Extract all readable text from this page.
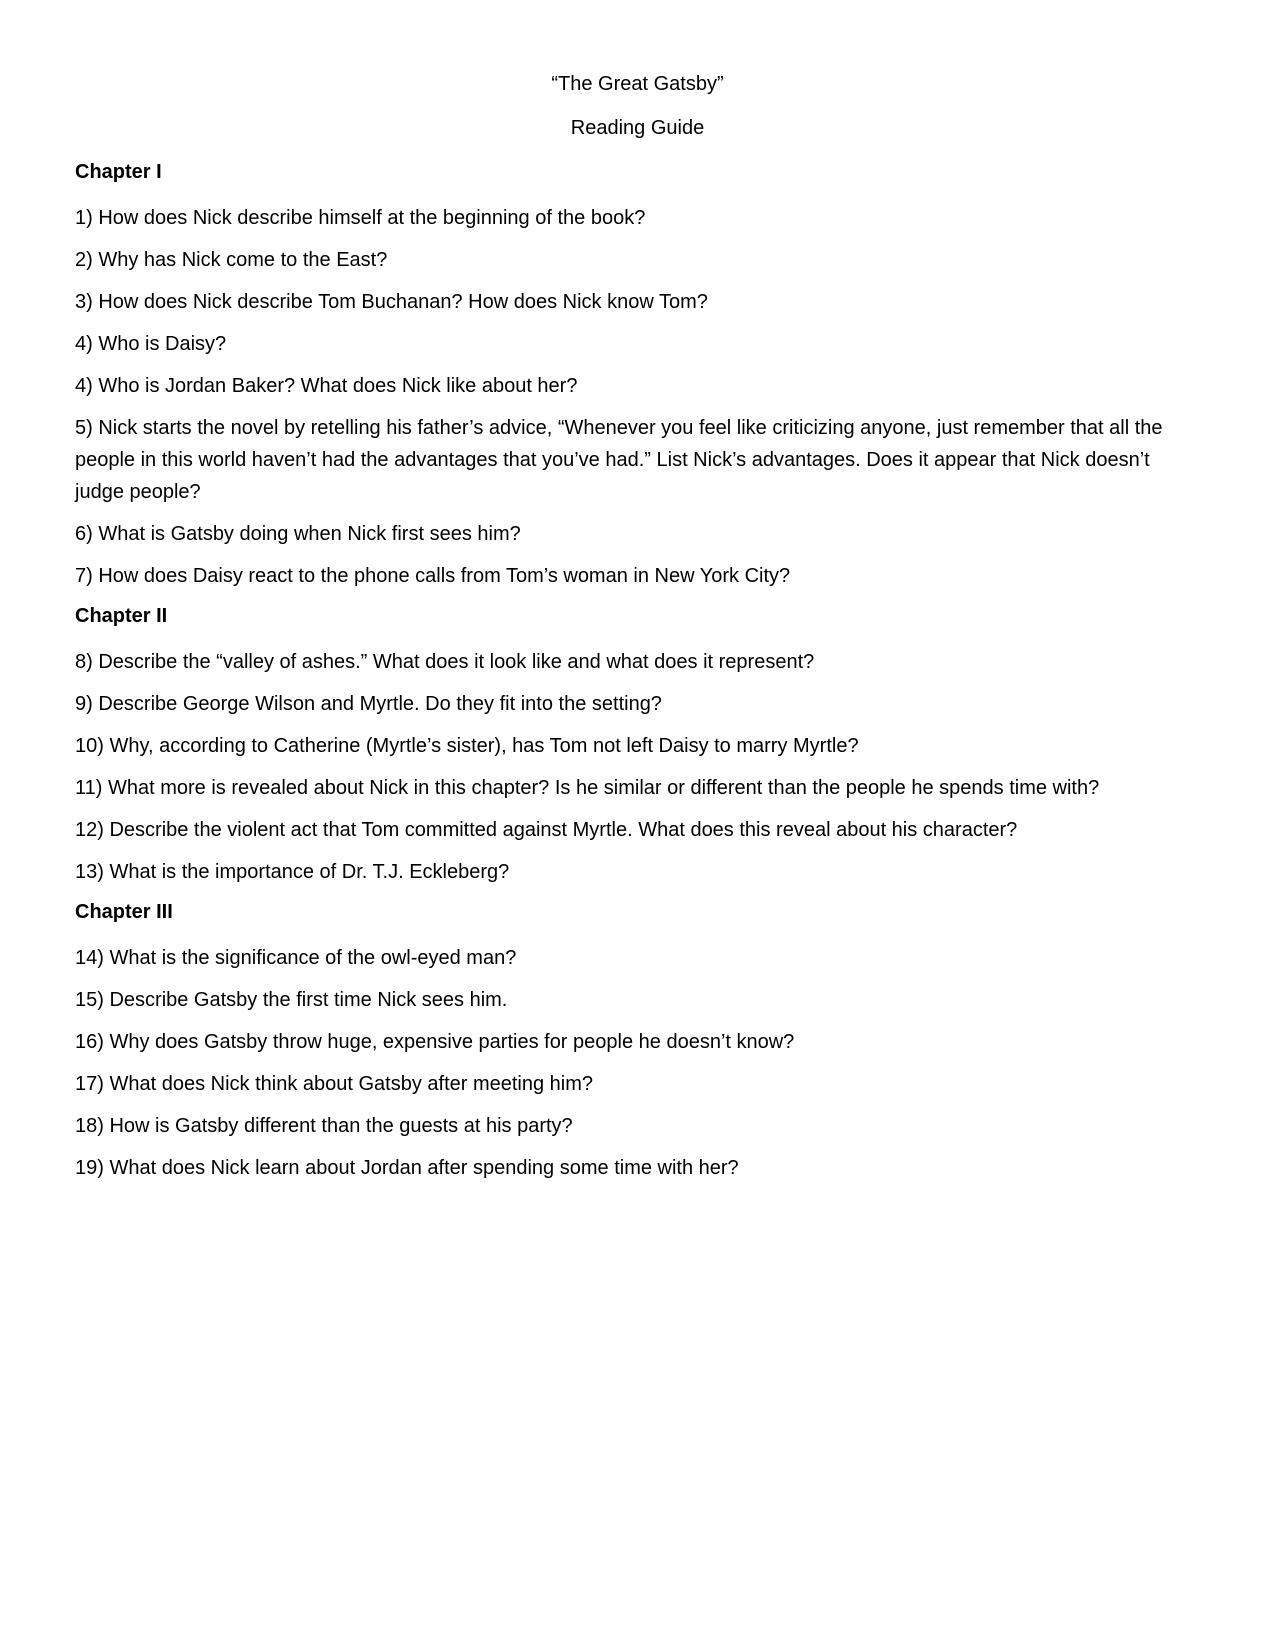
“The Great Gatsby”
Reading Guide
Chapter I
1) How does Nick describe himself at the beginning of the book?
2) Why has Nick come to the East?
3) How does Nick describe Tom Buchanan? How does Nick know Tom?
4) Who is Daisy?
4) Who is Jordan Baker? What does Nick like about her?
5) Nick starts the novel by retelling his father’s advice, “Whenever you feel like criticizing anyone, just remember that all the people in this world haven’t had the advantages that you’ve had.” List Nick’s advantages. Does it appear that Nick doesn’t judge people?
6) What is Gatsby doing when Nick first sees him?
7) How does Daisy react to the phone calls from Tom’s woman in New York City?
Chapter II
8) Describe the “valley of ashes.” What does it look like and what does it represent?
9) Describe George Wilson and Myrtle. Do they fit into the setting?
10) Why, according to Catherine (Myrtle’s sister), has Tom not left Daisy to marry Myrtle?
11) What more is revealed about Nick in this chapter? Is he similar or different than the people he spends time with?
12) Describe the violent act that Tom committed against Myrtle. What does this reveal about his character?
13) What is the importance of Dr. T.J. Eckleberg?
Chapter III
14) What is the significance of the owl-eyed man?
15) Describe Gatsby the first time Nick sees him.
16) Why does Gatsby throw huge, expensive parties for people he doesn’t know?
17) What does Nick think about Gatsby after meeting him?
18) How is Gatsby different than the guests at his party?
19) What does Nick learn about Jordan after spending some time with her?
